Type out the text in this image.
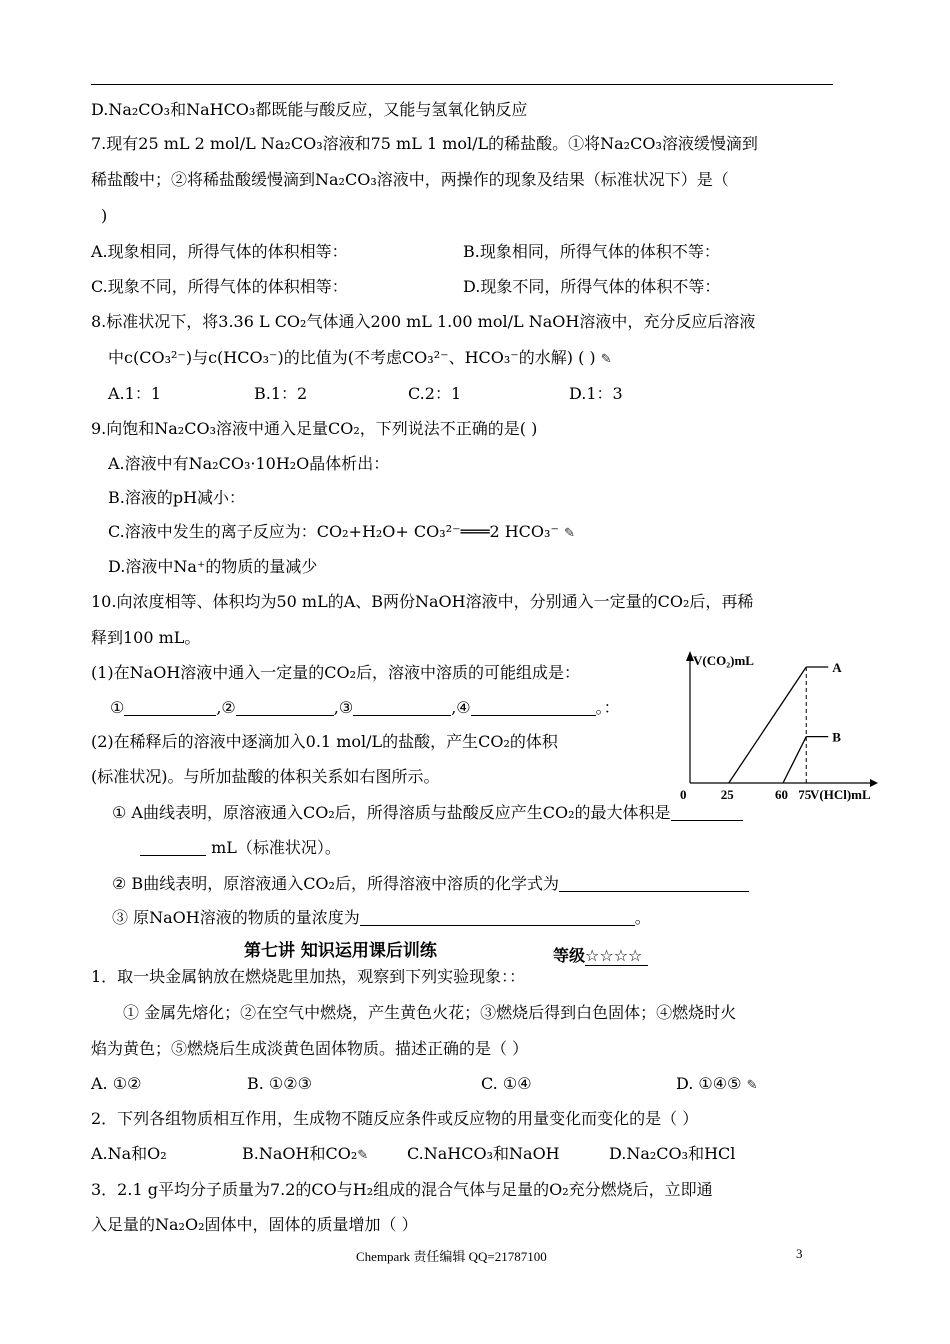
D.Na₂CO₃和NaHCO₃都既能与酸反应，又能与氢氧化钠反应
7.现有25 mL 2 mol/L Na₂CO₃溶液和75 mL 1 mol/L的稀盐酸。①将Na₂CO₃溶液缓慢滴到
稀盐酸中；②将稀盐酸缓慢滴到Na₂CO₃溶液中，两操作的现象及结果（标准状况下）是（
)
A.现象相同，所得气体的体积相等：	B.现象相同，所得气体的体积不等：
C.现象不同，所得气体的体积相等：	D.现象不同，所得气体的体积不等：
8.标准状况下，将3.36 L CO₂气体通入200 mL 1.00 mol/L NaOH溶液中，充分反应后溶液
中c(CO₃²⁻)与c(HCO₃⁻)的比值为(不考虑CO₃²⁻、HCO₃⁻的水解) ( ) ✎
A.1：1	B.1：2	C.2：1	D.1：3
9.向饱和Na₂CO₃溶液中通入足量CO₂，下列说法不正确的是( )
A.溶液中有Na₂CO₃·10H₂O晶体析出：
B.溶液的pH减小：
C.溶液中发生的离子反应为：CO₂+H₂O+ CO₃²⁻═══2 HCO₃⁻ ✎
D.溶液中Na⁺的物质的量减少
10.向浓度相等、体积均为50 mL的A、B两份NaOH溶液中，分别通入一定量的CO₂后，再稀
释到100 mL。
(1)在NaOH溶液中通入一定量的CO₂后，溶液中溶质的可能组成是：
①	,②	,③	,④	。：
(2)在稀释后的溶液中逐滴加入0.1 mol/L的盐酸，产生CO₂的体积
(标准状况)。与所加盐酸的体积关系如右图所示。
① A曲线表明，原溶液通入CO₂后，所得溶质与盐酸反应产生CO₂的最大体积是
mL（标准状况）。
② B曲线表明，原溶液通入CO₂后，所得溶液中溶质的化学式为
③ 原NaOH溶液的物质的量浓度为	。
V(CO₂)mL
V(HCl)mL
A
B
0	25	60 75
第七讲 知识运用课后训练	等级☆☆☆☆
1．取一块金属钠放在燃烧匙里加热，观察到下列实验现象：：
① 金属先熔化；②在空气中燃烧，产生黄色火花；③燃烧后得到白色固体；④燃烧时火
焰为黄色；⑤燃烧后生成淡黄色固体物质。描述正确的是（ ）
A. ①②	B. ①②③	C. ①④	D. ①④⑤ ✎
2．下列各组物质相互作用，生成物不随反应条件或反应物的用量变化而变化的是（ ）
A.Na和O₂	B.NaOH和CO₂✎ C.NaHCO₃和NaOH	D.Na₂CO₃和HCl
3．2.1 g平均分子质量为7.2的CO与H₂组成的混合气体与足量的O₂充分燃烧后，立即通
入足量的Na₂O₂固体中，固体的质量增加（ ）
Chempark 责任编辑 QQ=21787100	3
